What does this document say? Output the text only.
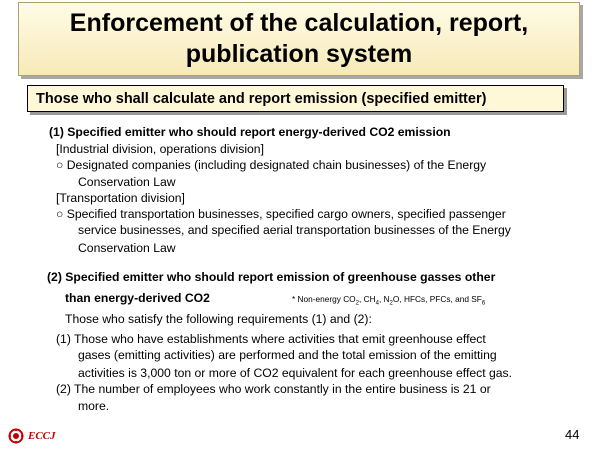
Enforcement of the calculation, report,
publication system
Those who shall calculate and report emission (specified emitter)
(1) Specified emitter who should report energy-derived CO2 emission
[Industrial division, operations division]
○ Designated companies (including designated chain businesses) of the Energy
Conservation Law
[Transportation division]
○ Specified transportation businesses, specified cargo owners, specified passenger
service businesses, and specified aerial transportation businesses of the Energy
Conservation Law
(2) Specified emitter who should report emission of greenhouse gasses other
than energy-derived CO2	* Non-energy $CO_2$, $CH_4$, $N_2O$, HFCs, PFCs, and $SF_6$
Those who satisfy the following requirements (1) and (2):
(1) Those who have establishments where activities that emit greenhouse effect
gases (emitting activities) are performed and the total emission of the emitting
activities is 3,000 ton or more of CO2 equivalent for each greenhouse effect gas.
(2) The number of employees who work constantly in the entire business is 21 or
more.
ECCJ	44
